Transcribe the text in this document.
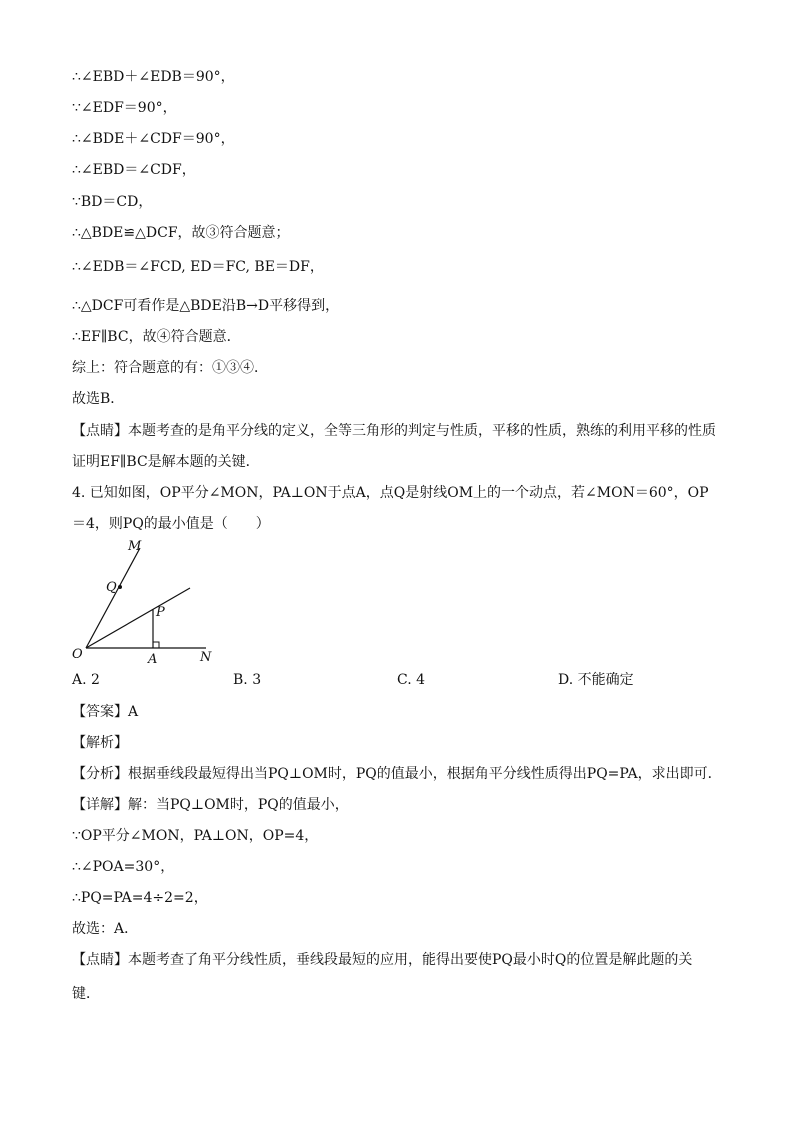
∴∠EBD＋∠EDB＝90°，
∵∠EDF＝90°，
∴∠BDE＋∠CDF＝90°，
∴∠EBD＝∠CDF，
∵BD＝CD，
∴△BDE≌△DCF，故③符合题意；
∴∠EDB＝∠FCD, ED＝FC, BE＝DF，
∴△DCF可看作是△BDE沿B→D平移得到，
∴EF∥BC，故④符合题意．
综上：符合题意的有：①③④．
故选B．
【点睛】本题考查的是角平分线的定义，全等三角形的判定与性质，平移的性质，熟练的利用平移的性质
证明EF∥BC是解本题的关键．
4. 已知如图，OP平分∠MON，PA⊥ON于点A，点Q是射线OM上的一个动点，若∠MON＝60°，OP
＝4，则PQ的最小值是（　　）
M
Q
P
O	A	N
A. 2	B. 3	C. 4	D. 不能确定
【答案】A
【解析】
【分析】根据垂线段最短得出当PQ⊥OM时，PQ的值最小，根据角平分线性质得出PQ=PA，求出即可．
【详解】解：当PQ⊥OM时，PQ的值最小，
∵OP平分∠MON，PA⊥ON，OP=4，
∴∠POA=30°，
∴PQ=PA=4÷2=2，
故选：A．
【点睛】本题考查了角平分线性质，垂线段最短的应用，能得出要使PQ最小时Q的位置是解此题的关
键．
